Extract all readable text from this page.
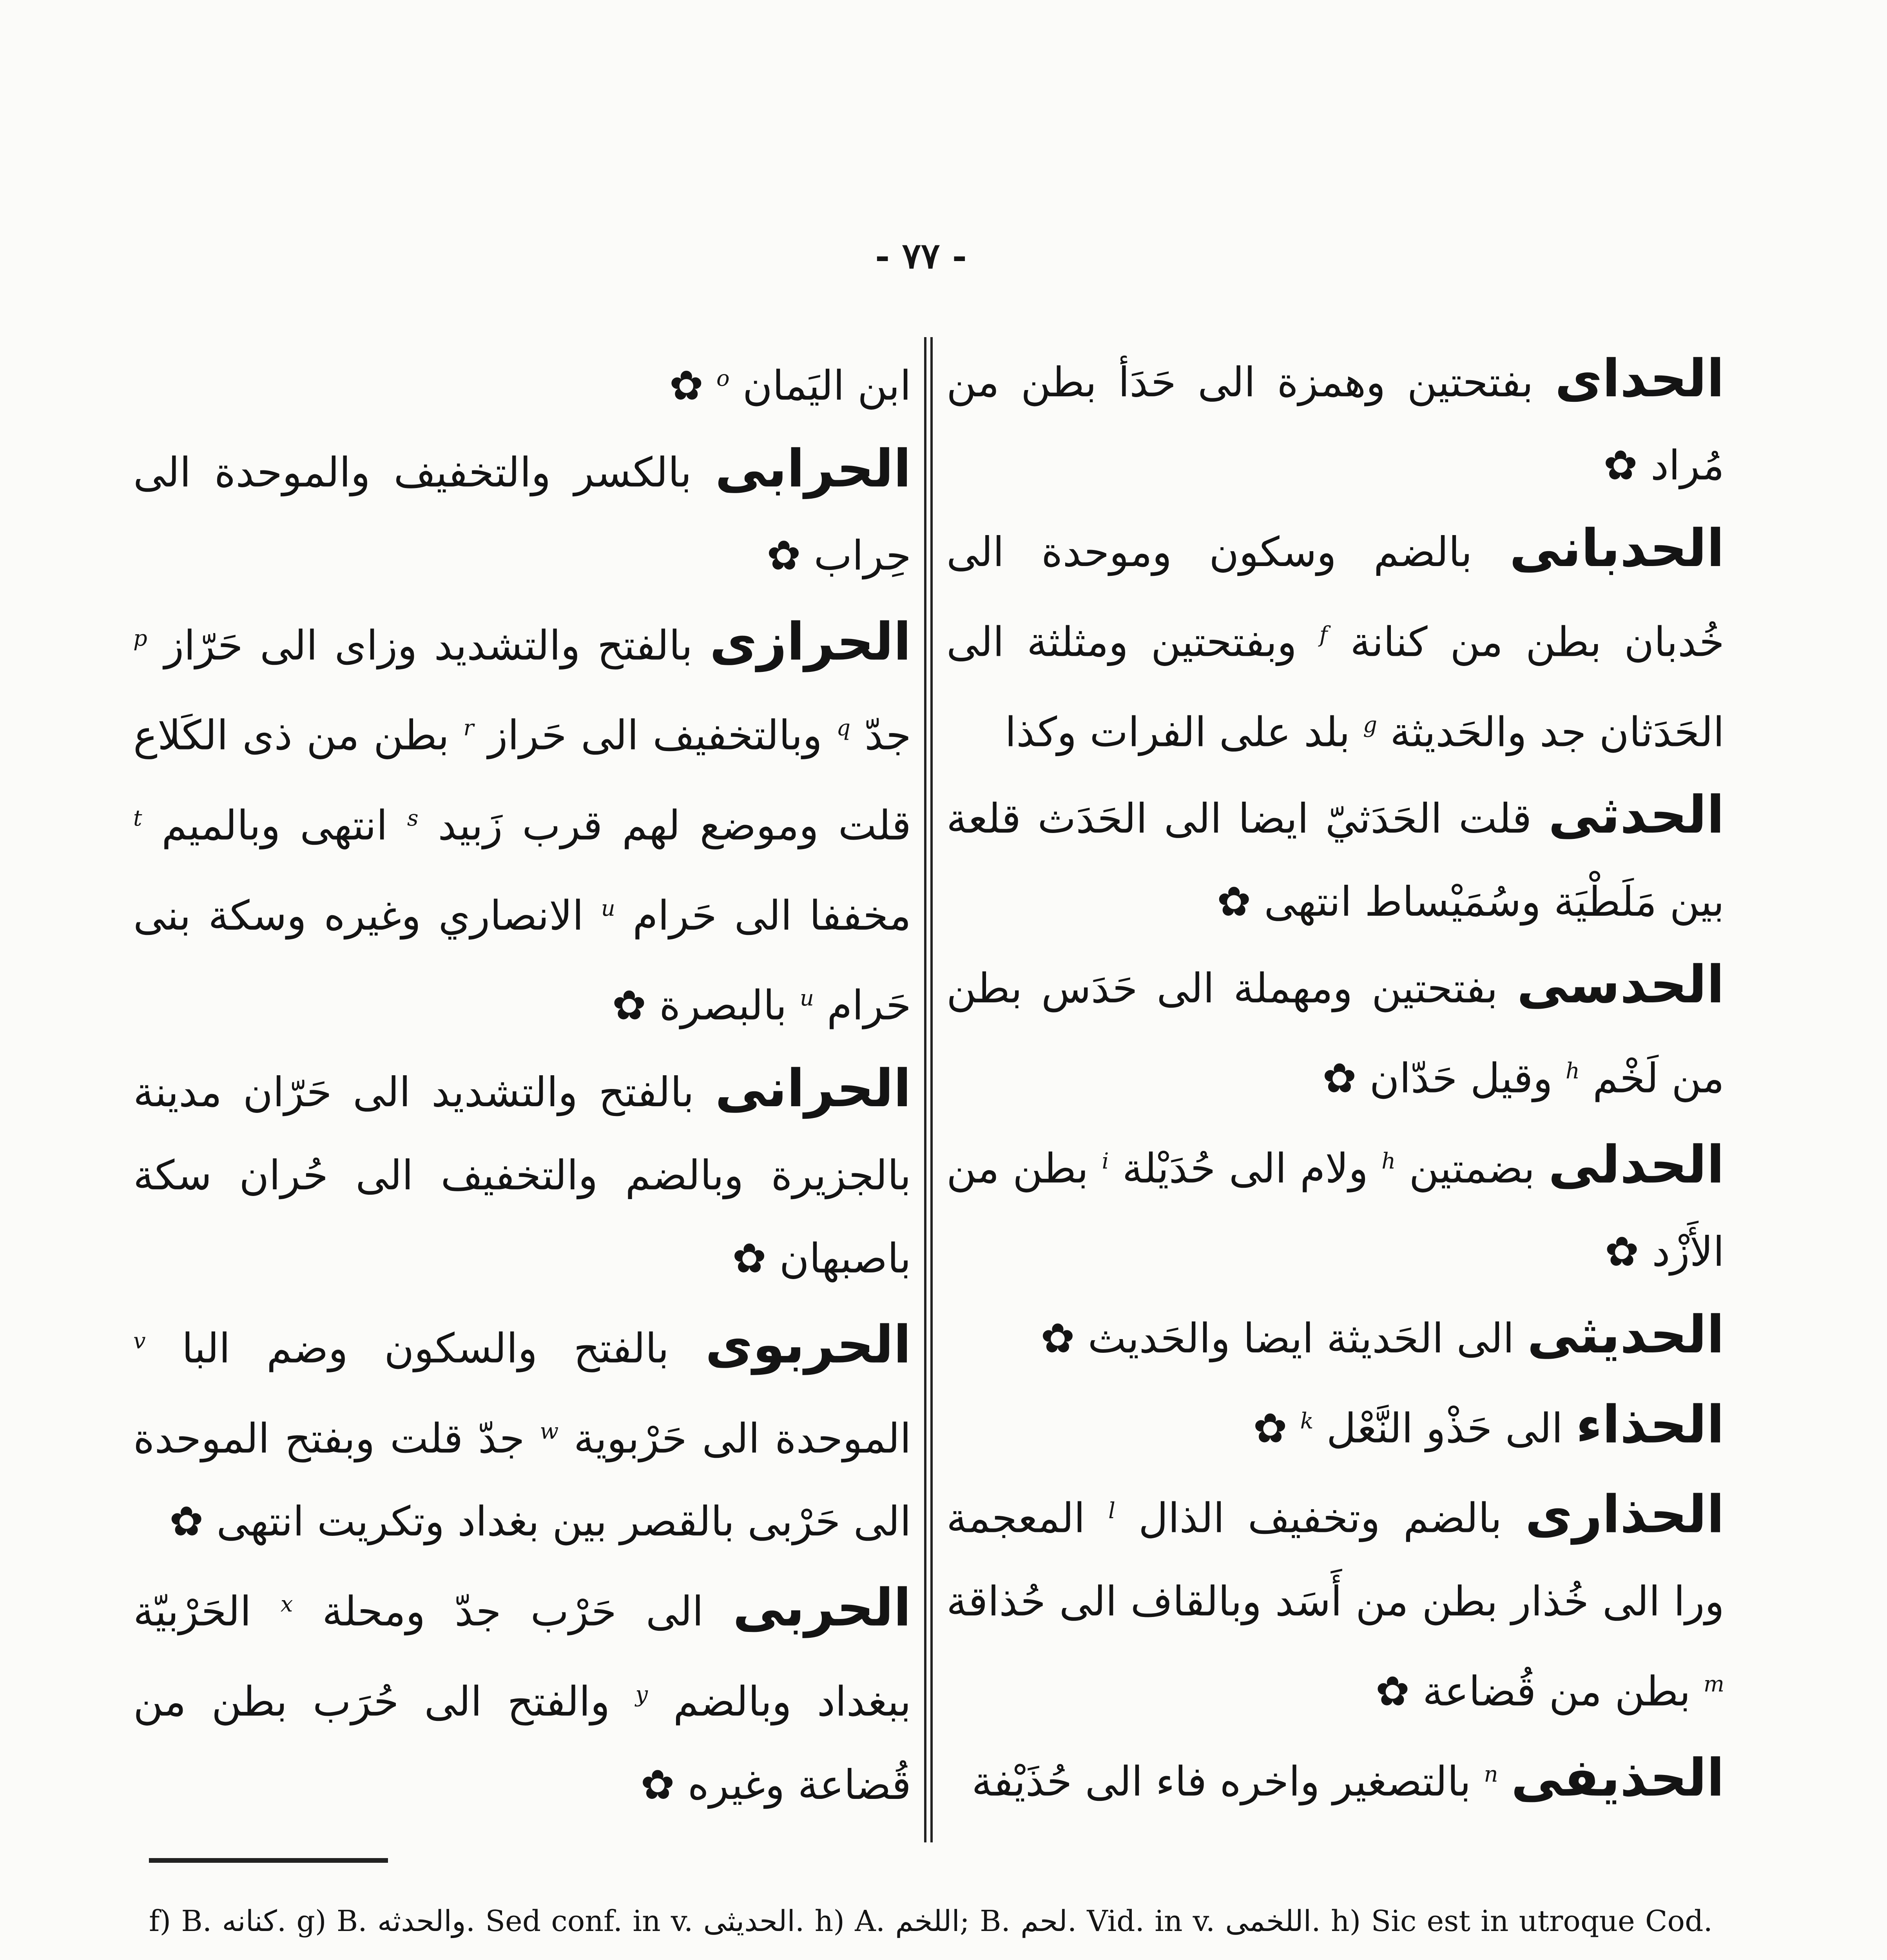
- ٧٧ -

الحدای بفتحتين وهمزة الى حَدَأ بطن من مُراد ✿

الحدبانی بالضم وسكون وموحدة الى خُدبان بطن من كنانة $^f$ وبفتحتين ومثلثة الى الحَدَثان جد والحَديثة $^g$ بلد على الفرات وكذا

الحدثی قلت الحَدَثيّ ايضا الى الحَدَث قلعة بين مَلَطْيَة وسُمَيْساط انتهى ✿

الحدسی بفتحتين ومهملة الى حَدَس بطن من لَخْم $^h$ وقيل حَدّان ✿

الحدلی بضمتين $^h$ ولام الى حُدَيْلة $^i$ بطن من الأَزْد ✿

الحدیثی الى الحَديثة ايضا والحَديث ✿

الحذاء الى حَذْو النَّعْل $^k$ ✿

الحذاری بالضم وتخفيف الذال $^l$ المعجمة ورا الى خُذار بطن من أَسَد وبالقاف الى حُذاقة $^m$ بطن من قُضاعة ✿

الحذیفی $^n$ بالتصغير واخره فاء الى حُذَيْفة

ابن اليَمان $^o$ ✿

الحرابی بالكسر والتخفيف والموحدة الى حِراب ✿

الحرازی بالفتح والتشديد وزاى الى حَرّاز $^p$ جدّ $^q$ وبالتخفيف الى حَراز $^r$ بطن من ذى الكَلاع قلت وموضع لهم قرب زَبيد $^s$ انتهى وبالميم $^t$ مخففا الى حَرام $^u$ الانصاري وغيره وسكة بنى حَرام $^u$ بالبصرة ✿

الحرانی بالفتح والتشديد الى حَرّان مدينة بالجزيرة وبالضم والتخفيف الى حُران سكة باصبهان ✿

الحربوی بالفتح والسكون وضم البا $^v$ الموحدة الى حَرْبوية $^w$ جدّ قلت وبفتح الموحدة الى حَرْبى بالقصر بين بغداد وتكريت انتهى ✿

الحربی الى حَرْب جدّ ومحلة $^x$ الحَرْبيّة ببغداد وبالضم $^y$ والفتح الى حُرَب بطن من قُضاعة وغيره ✿

f) B. كنانه. g) B. والحدثه. Sed conf. in v. الحديثى. h) A. اللخم; B. لحم. Vid. in v. اللخمى. h) Sic est in utroque Cod.
